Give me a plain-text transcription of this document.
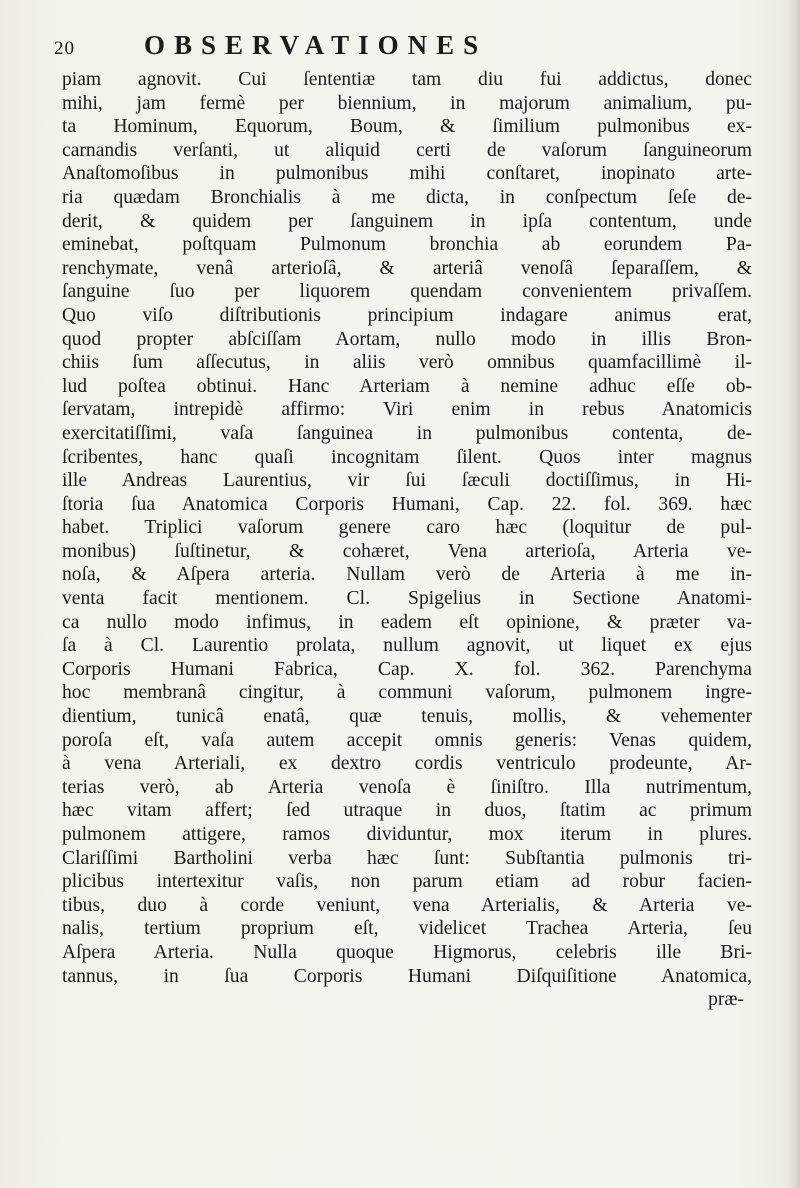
20	OBSERVATIONES
piam agnovit. Cui ſententiæ tam diu fui addictus, donec
mihi, jam fermè per biennium, in majorum animalium, pu-
ta Hominum, Equorum, Boum, & ſimilium pulmonibus ex-
carnandis verſanti, ut aliquid certi de vaſorum ſanguineorum
Anaſtomoſibus in pulmonibus mihi conſtaret, inopinato arte-
ria quædam Bronchialis à me dicta, in conſpectum ſeſe de-
derit, & quidem per ſanguinem in ipſa contentum, unde
eminebat, poſtquam Pulmonum bronchia ab eorundem Pa-
renchymate, venâ arterioſâ, & arteriâ venoſâ ſeparaſſem, &
ſanguine ſuo per liquorem quendam convenientem privaſſem.
Quo viſo diſtributionis principium indagare animus erat,
quod propter abſciſſam Aortam, nullo modo in illis Bron-
chiis ſum aſſecutus, in aliis verò omnibus quamfacillimè il-
lud poſtea obtinui. Hanc Arteriam à nemine adhuc eſſe ob-
ſervatam, intrepidè affirmo: Viri enim in rebus Anatomicis
exercitatiſſimi, vaſa ſanguinea in pulmonibus contenta, de-
ſcribentes, hanc quaſi incognitam ſilent. Quos inter magnus
ille Andreas Laurentius, vir ſui ſæculi doctiſſimus, in Hi-
ſtoria ſua Anatomica Corporis Humani, Cap. 22. fol. 369. hæc
habet. Triplici vaſorum genere caro hæc (loquitur de pul-
monibus) ſuſtinetur, & cohæret, Vena arterioſa, Arteria ve-
noſa, & Aſpera arteria. Nullam verò de Arteria à me in-
venta facit mentionem. Cl. Spigelius in Sectione Anatomi-
ca nullo modo infimus, in eadem eſt opinione, & præter va-
ſa à Cl. Laurentio prolata, nullum agnovit, ut liquet ex ejus
Corporis Humani Fabrica, Cap. X. fol. 362. Parenchyma
hoc membranâ cingitur, à communi vaſorum, pulmonem ingre-
dientium, tunicâ enatâ, quæ tenuis, mollis, & vehementer
poroſa eſt, vaſa autem accepit omnis generis: Venas quidem,
à vena Arteriali, ex dextro cordis ventriculo prodeunte, Ar-
terias verò, ab Arteria venoſa è ſiniſtro. Illa nutrimentum,
hæc vitam affert; ſed utraque in duos, ſtatim ac primum
pulmonem attigere, ramos dividuntur, mox iterum in plures.
Clariſſimi Bartholini verba hæc ſunt: Subſtantia pulmonis tri-
plicibus intertexitur vaſis, non parum etiam ad robur facien-
tibus, duo à corde veniunt, vena Arterialis, & Arteria ve-
nalis, tertium proprium eſt, videlicet Trachea Arteria, ſeu
Aſpera Arteria. Nulla quoque Higmorus, celebris ille Bri-
tannus, in ſua Corporis Humani Diſquiſitione Anatomica,
præ-
